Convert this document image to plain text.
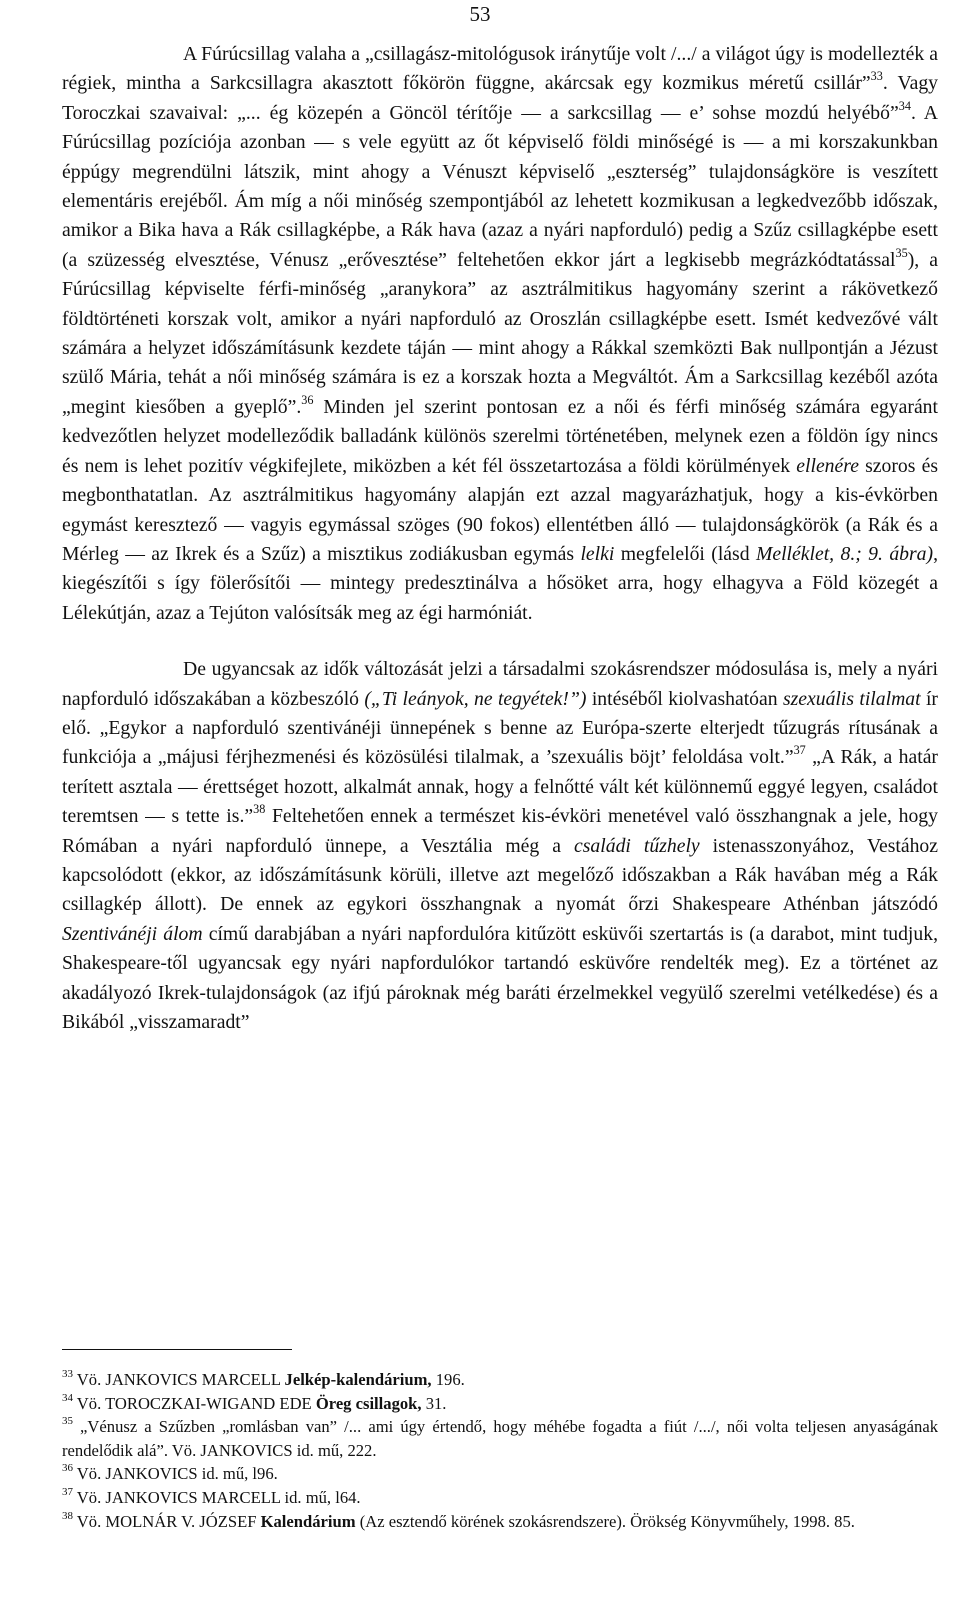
53

A Fúrúcsillag valaha a „csillagász-mitológusok iránytűje volt /.../ a világot úgy is modellezték a régiek, mintha a Sarkcsillagra akasztott főkörön függne, akárcsak egy kozmikus méretű csillár”$^{33}$. Vagy Toroczkai szavaival: „... ég közepén a Göncöl térítője — a sarkcsillag — e’ sohse mozdú helyébő”$^{34}$. A Fúrúcsillag pozíciója azonban — s vele együtt az őt képviselő földi minőségé is — a mi korszakunkban éppúgy megrendülni látszik, mint ahogy a Vénuszt képviselő „eszterség” tulajdonságköre is veszített elementáris erejéből. Ám míg a női minőség szempontjából az lehetett kozmikusan a legkedvezőbb időszak, amikor a Bika hava a Rák csillagképbe, a Rák hava (azaz a nyári napforduló) pedig a Szűz csillagképbe esett (a szüzesség elvesztése, Vénusz „erővesztése” feltehetően ekkor járt a legkisebb megrázkódtatással$^{35}$), a Fúrúcsillag képviselte férfi-minőség „aranykora” az asztrálmitikus hagyomány szerint a rákövetkező földtörténeti korszak volt, amikor a nyári napforduló az Oroszlán csillagképbe esett. Ismét kedvezővé vált számára a helyzet időszámításunk kezdete táján — mint ahogy a Rákkal szemközti Bak nullpontján a Jézust szülő Mária, tehát a női minőség számára is ez a korszak hozta a Megváltót. Ám a Sarkcsillag kezéből azóta „megint kiesőben a gyeplő”.$^{36}$ Minden jel szerint pontosan ez a női és férfi minőség számára egyaránt kedvezőtlen helyzet modelleződik balladánk különös szerelmi történetében, melynek ezen a földön így nincs és nem is lehet pozitív végkifejlete, miközben a két fél összetartozása a földi körülmények ellenére szoros és megbonthatatlan. Az asztrálmitikus hagyomány alapján ezt azzal magyarázhatjuk, hogy a kis-évkörben egymást keresztező — vagyis egymással szöges (90 fokos) ellentétben álló — tulajdonságkörök (a Rák és a Mérleg — az Ikrek és a Szűz) a misztikus zodiákusban egymás lelki megfelelői (lásd Melléklet, 8.; 9. ábra), kiegészítői s így fölerősítői — mintegy predesztinálva a hősöket arra, hogy elhagyva a Föld közegét a Lélekútján, azaz a Tejúton valósítsák meg az égi harmóniát.

De ugyancsak az idők változását jelzi a társadalmi szokásrendszer módosulása is, mely a nyári napforduló időszakában a közbeszóló („Ti leányok, ne tegyétek!”) intéséből kiolvashatóan szexuális tilalmat ír elő. „Egykor a napforduló szentivánéji ünnepének s benne az Európa-szerte elterjedt tűzugrás rítusának a funkciója a „májusi férjhezmenési és közösülési tilalmak, a ’szexuális böjt’ feloldása volt.”$^{37}$ „A Rák, a határ terített asztala — érettséget hozott, alkalmát annak, hogy a felnőtté vált két különnemű eggyé legyen, családot teremtsen — s tette is.”$^{38}$ Feltehetően ennek a természet kis-évköri menetével való összhangnak a jele, hogy Rómában a nyári napforduló ünnepe, a Vesztália még a családi tűzhely istenasszonyához, Vestához kapcsolódott (ekkor, az időszámításunk körüli, illetve azt megelőző időszakban a Rák havában még a Rák csillagkép állott). De ennek az egykori összhangnak a nyomát őrzi Shakespeare Athénban játszódó Szentivánéji álom című darabjában a nyári napfordulóra kitűzött esküvői szertartás is (a darabot, mint tudjuk, Shakespeare-től ugyancsak egy nyári napfordulókor tartandó esküvőre rendelték meg). Ez a történet az akadályozó Ikrek-tulajdonságok (az ifjú pároknak még baráti érzelmekkel vegyülő szerelmi vetélkedése) és a Bikából „visszamaradt”

$^{33}$ Vö. JANKOVICS MARCELL Jelkép-kalendárium, 196.

$^{34}$ Vö. TOROCZKAI-WIGAND EDE Öreg csillagok, 31.

$^{35}$ „Vénusz a Szűzben „romlásban van” /... ami úgy értendő, hogy méhébe fogadta a fiút /.../, női volta teljesen anyaságának rendelődik alá”. Vö. JANKOVICS id. mű, 222.

$^{36}$ Vö. JANKOVICS id. mű, l96.

$^{37}$ Vö. JANKOVICS MARCELL id. mű, l64.

$^{38}$ Vö. MOLNÁR V. JÓZSEF Kalendárium (Az esztendő körének szokásrendszere). Örökség Könyvműhely, 1998. 85.
